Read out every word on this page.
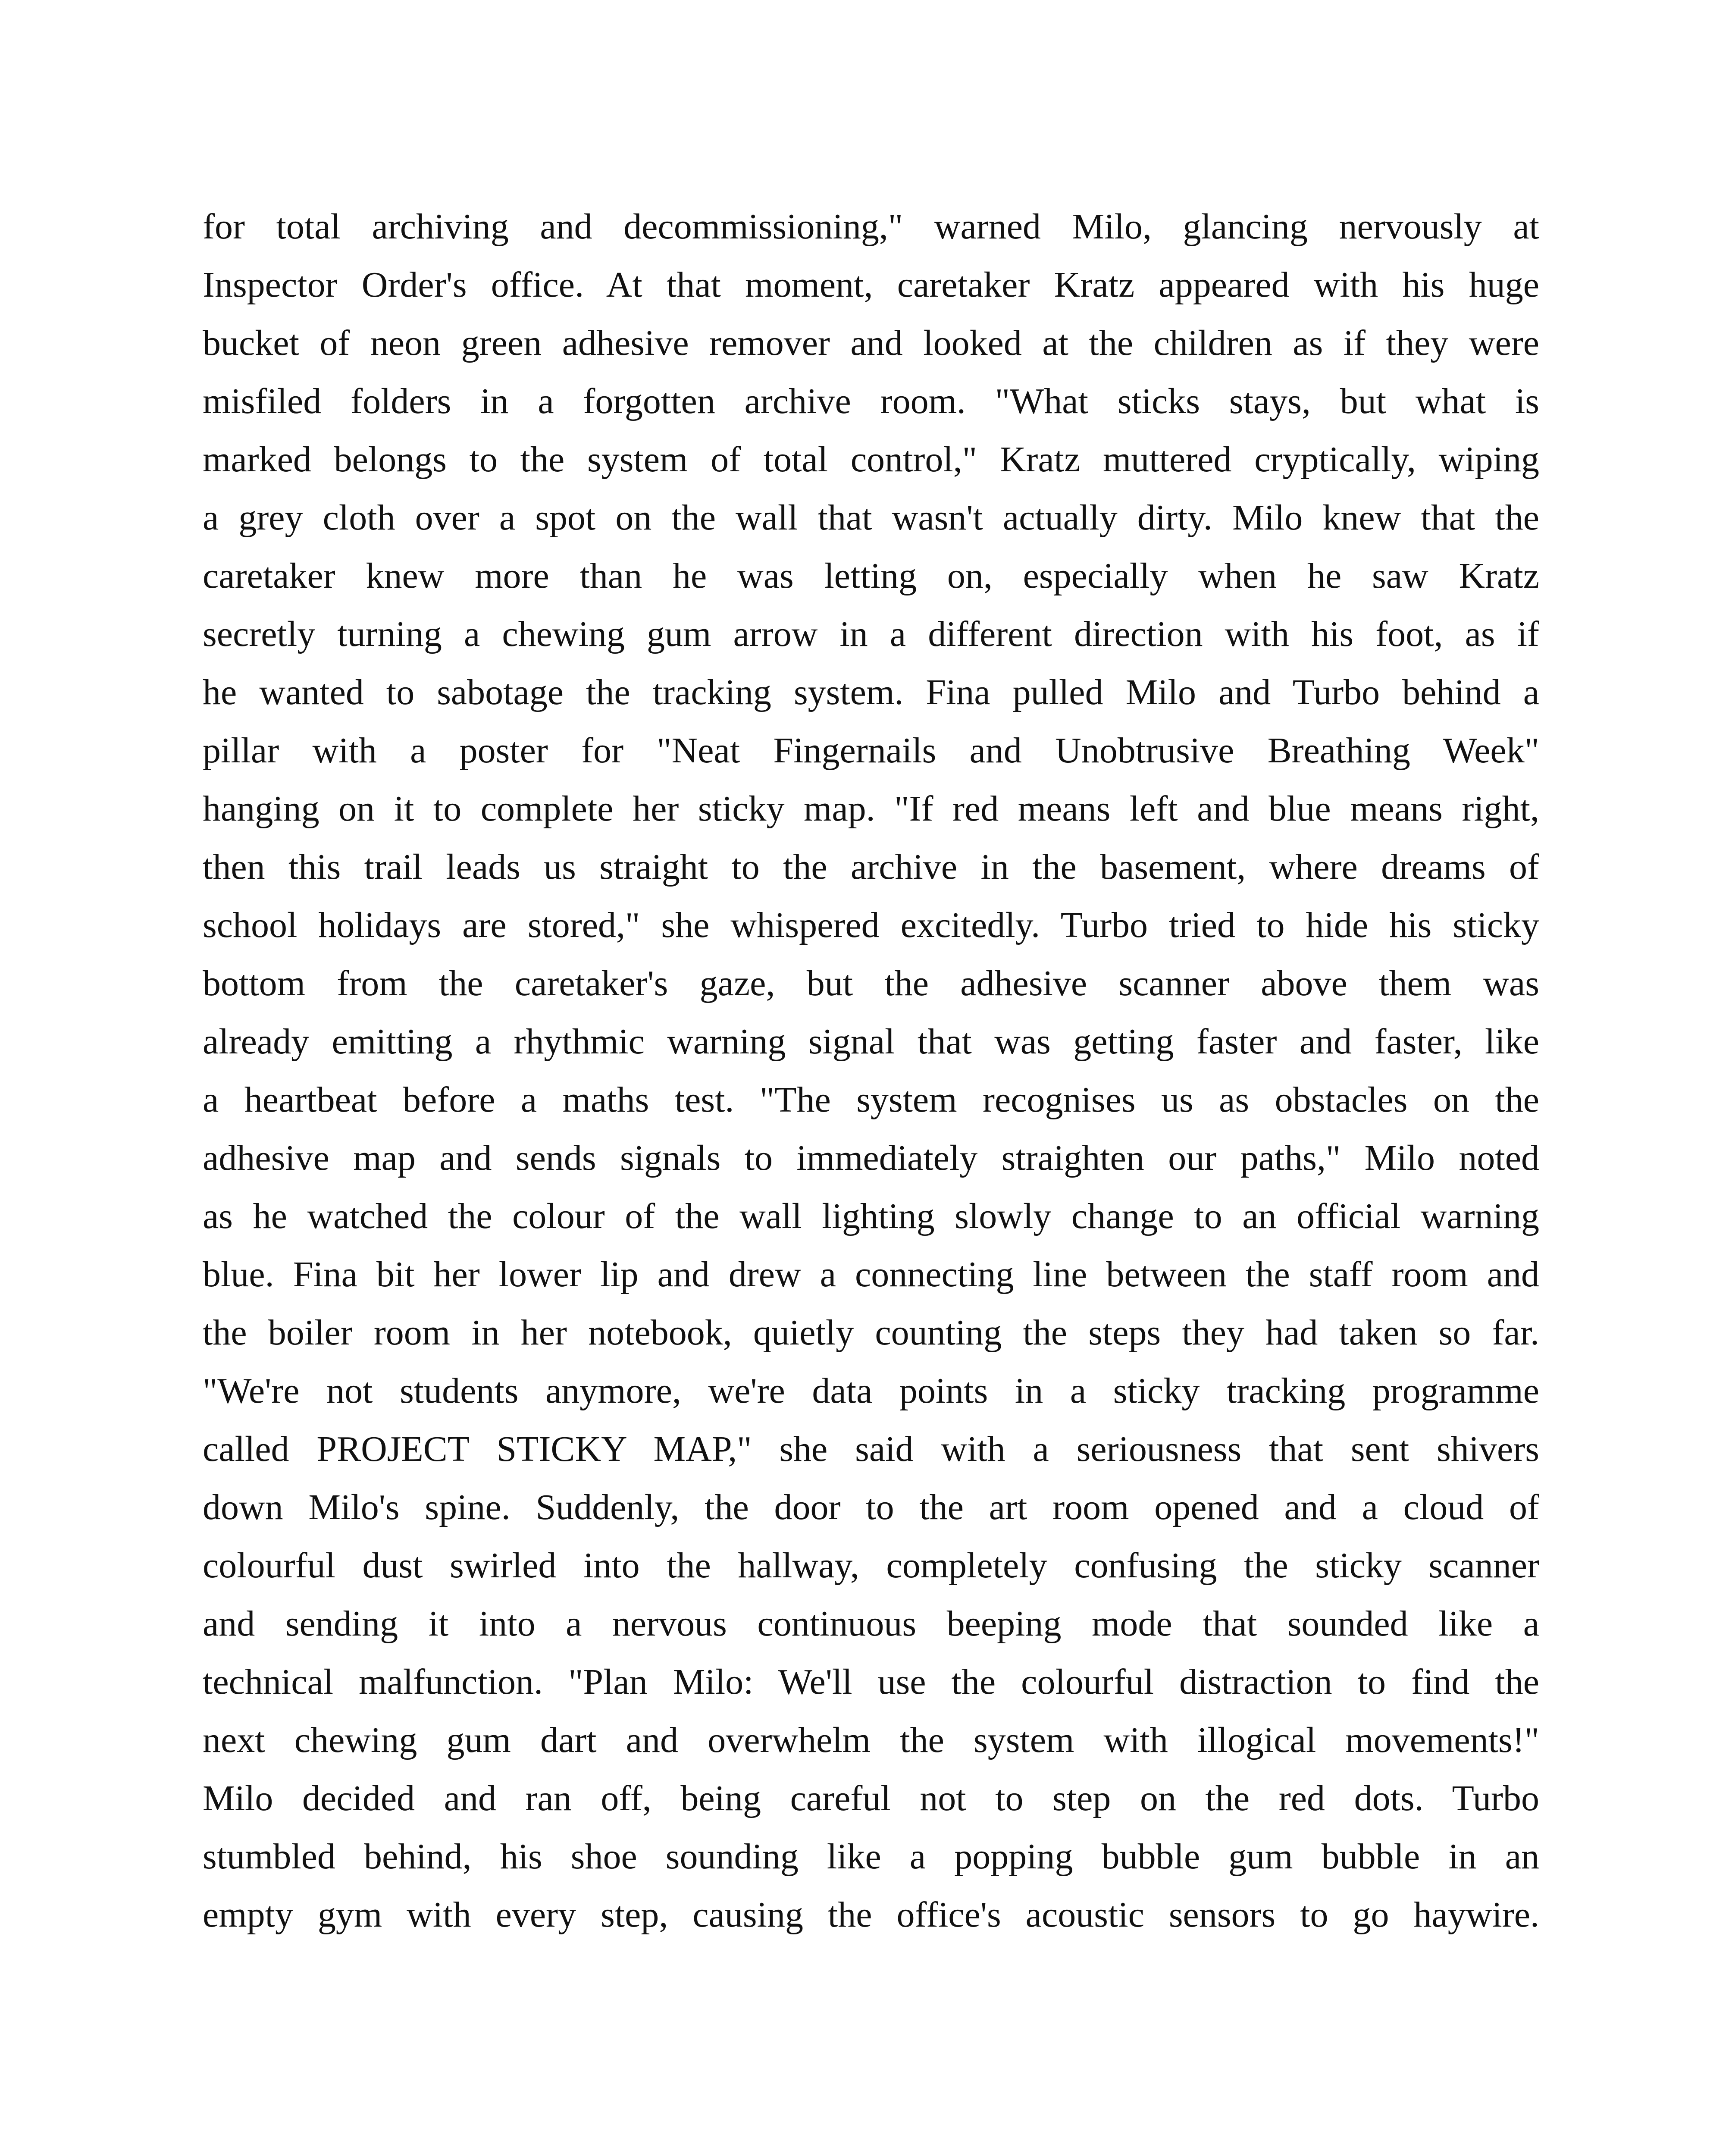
for total archiving and decommissioning," warned Milo, glancing nervously at
Inspector Order's office. At that moment, caretaker Kratz appeared with his huge
bucket of neon green adhesive remover and looked at the children as if they were
misfiled folders in a forgotten archive room. "What sticks stays, but what is
marked belongs to the system of total control," Kratz muttered cryptically, wiping
a grey cloth over a spot on the wall that wasn't actually dirty. Milo knew that the
caretaker knew more than he was letting on, especially when he saw Kratz
secretly turning a chewing gum arrow in a different direction with his foot, as if
he wanted to sabotage the tracking system. Fina pulled Milo and Turbo behind a
pillar with a poster for "Neat Fingernails and Unobtrusive Breathing Week"
hanging on it to complete her sticky map. "If red means left and blue means right,
then this trail leads us straight to the archive in the basement, where dreams of
school holidays are stored," she whispered excitedly. Turbo tried to hide his sticky
bottom from the caretaker's gaze, but the adhesive scanner above them was
already emitting a rhythmic warning signal that was getting faster and faster, like
a heartbeat before a maths test. "The system recognises us as obstacles on the
adhesive map and sends signals to immediately straighten our paths," Milo noted
as he watched the colour of the wall lighting slowly change to an official warning
blue. Fina bit her lower lip and drew a connecting line between the staff room and
the boiler room in her notebook, quietly counting the steps they had taken so far.
"We're not students anymore, we're data points in a sticky tracking programme
called PROJECT STICKY MAP," she said with a seriousness that sent shivers
down Milo's spine. Suddenly, the door to the art room opened and a cloud of
colourful dust swirled into the hallway, completely confusing the sticky scanner
and sending it into a nervous continuous beeping mode that sounded like a
technical malfunction. "Plan Milo: We'll use the colourful distraction to find the
next chewing gum dart and overwhelm the system with illogical movements!"
Milo decided and ran off, being careful not to step on the red dots. Turbo
stumbled behind, his shoe sounding like a popping bubble gum bubble in an
empty gym with every step, causing the office's acoustic sensors to go haywire.
